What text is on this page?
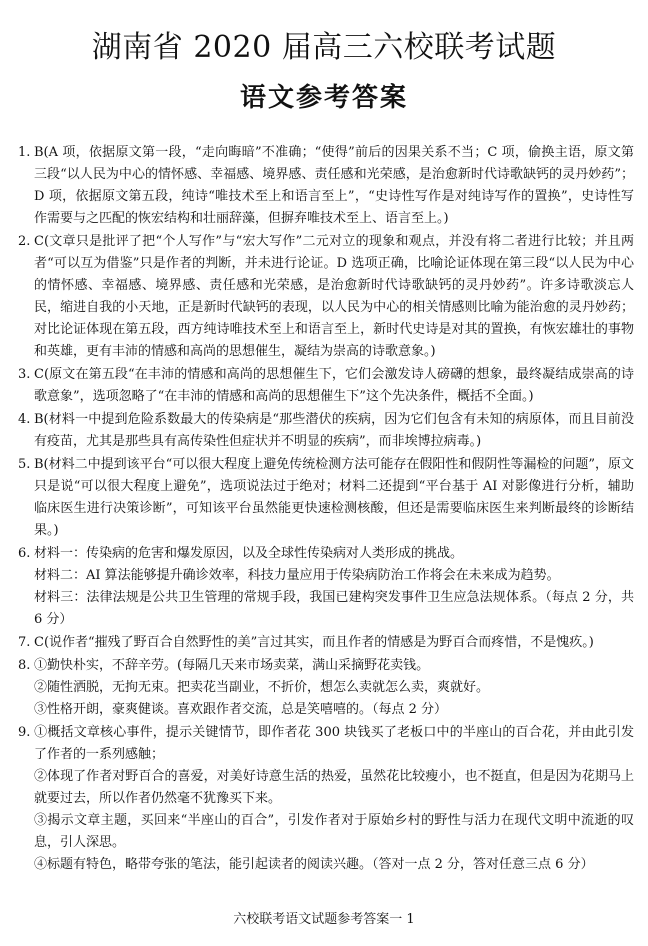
湖南省 2020 届高三六校联考试题
语文参考答案

1. B(A 项，依据原文第一段，“走向晦暗”不准确；“使得”前后的因果关系不当；C 项，偷换主语，原文第三段“以人民为中心的情怀感、幸福感、境界感、责任感和光荣感，是治愈新时代诗歌缺钙的灵丹妙药”；D 项，依据原文第五段，纯诗“唯技术至上和语言至上”，“史诗性写作是对纯诗写作的置换”，史诗性写作需要与之匹配的恢宏结构和壮丽辞藻，但摒弃唯技术至上、语言至上。)

2. C(文章只是批评了把“个人写作”与“宏大写作”二元对立的现象和观点，并没有将二者进行比较；并且两者“可以互为借鉴”只是作者的判断，并未进行论证。D 选项正确，比喻论证体现在第三段“以人民为中心的情怀感、幸福感、境界感、责任感和光荣感，是治愈新时代诗歌缺钙的灵丹妙药”。许多诗歌淡忘人民，缩进自我的小天地，正是新时代缺钙的表现，以人民为中心的相关情感则比喻为能治愈的灵丹妙药；对比论证体现在第五段，西方纯诗唯技术至上和语言至上，新时代史诗是对其的置换，有恢宏雄壮的事物和英雄，更有丰沛的情感和高尚的思想催生，凝结为崇高的诗歌意象。)

3. C(原文在第五段“在丰沛的情感和高尚的思想催生下，它们会激发诗人磅礴的想象，最终凝结成崇高的诗歌意象”，选项忽略了“在丰沛的情感和高尚的思想催生下”这个先决条件，概括不全面。)

4. B(材料一中提到危险系数最大的传染病是“那些潜伏的疾病，因为它们包含有未知的病原体，而且目前没有疫苗，尤其是那些具有高传染性但症状并不明显的疾病”，而非埃博拉病毒。)

5. B(材料二中提到该平台“可以很大程度上避免传统检测方法可能存在假阳性和假阴性等漏检的问题”，原文只是说“可以很大程度上避免”，选项说法过于绝对；材料二还提到“平台基于 AI 对影像进行分析，辅助临床医生进行决策诊断”，可知该平台虽然能更快速检测核酸，但还是需要临床医生来判断最终的诊断结果。)

6. 材料一：传染病的危害和爆发原因，以及全球性传染病对人类形成的挑战。

材料二：AI 算法能够提升确诊效率，科技力量应用于传染病防治工作将会在未来成为趋势。

材料三：法律法规是公共卫生管理的常规手段，我国已建构突发事件卫生应急法规体系。（每点 2 分，共 6 分）

7. C(说作者“摧残了野百合自然野性的美”言过其实，而且作者的情感是为野百合而疼惜，不是愧疚。)

8. ①勤快朴实，不辞辛劳。(每隔几天来市场卖菜，满山采摘野花卖钱。

②随性洒脱，无拘无束。把卖花当副业，不折价，想怎么卖就怎么卖，爽就好。

③性格开朗，豪爽健谈。喜欢跟作者交流，总是笑嘻嘻的。（每点 2 分）

9. ①概括文章核心事件，提示关键情节，即作者花 300 块钱买了老板口中的半座山的百合花，并由此引发了作者的一系列感触；

②体现了作者对野百合的喜爱，对美好诗意生活的热爱，虽然花比较瘦小，也不挺直，但是因为花期马上就要过去，所以作者仍然毫不犹豫买下来。

③揭示文章主题，买回来“半座山的百合”，引发作者对于原始乡村的野性与活力在现代文明中流逝的叹息，引人深思。

④标题有特色，略带夸张的笔法，能引起读者的阅读兴趣。（答对一点 2 分，答对任意三点 6 分）

六校联考语文试题参考答案一 1
